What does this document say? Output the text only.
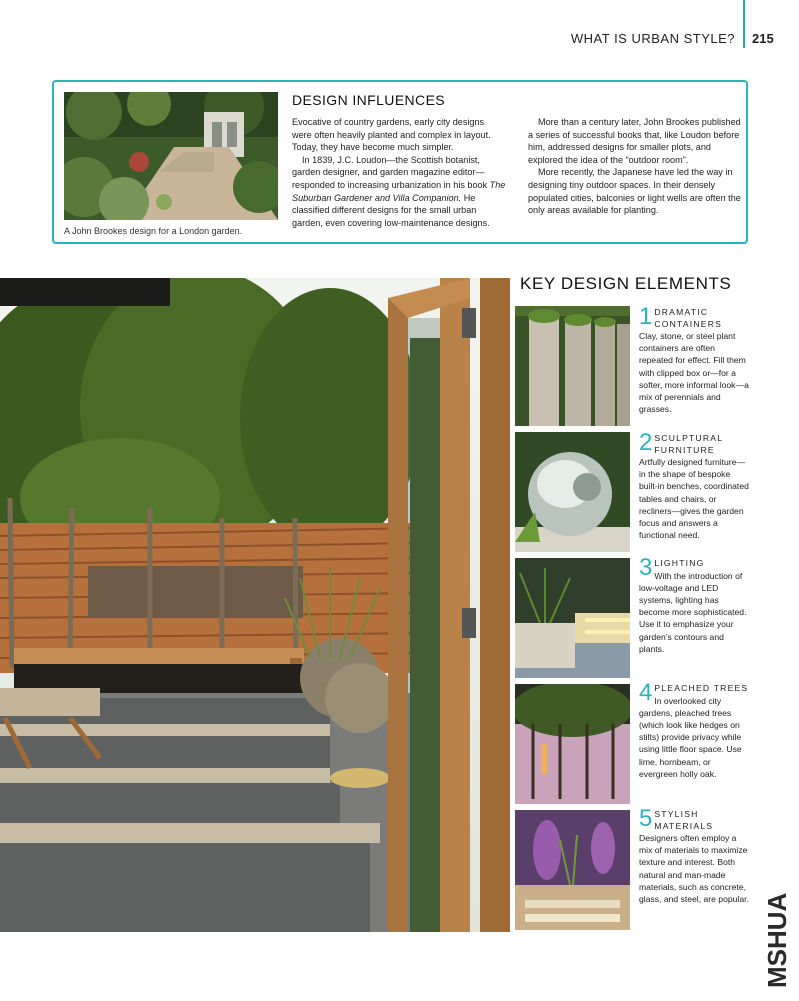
WHAT IS URBAN STYLE? 215
A John Brookes design for a London garden.
DESIGN INFLUENCES

Evocative of country gardens, early city designs were often heavily planted and complex in layout. Today, they have become much simpler.

In 1839, J.C. Loudon—the Scottish botanist, garden designer, and garden magazine editor—responded to increasing urbanization in his book The Suburban Gardener and Villa Companion. He classified different designs for the small urban garden, even covering low-maintenance designs.

More than a century later, John Brookes published a series of successful books that, like Loudon before him, addressed designs for smaller plots, and explored the idea of the “outdoor room”.

More recently, the Japanese have led the way in designing tiny outdoor spaces. In their densely populated cities, balconies or light wells are often the only areas available for planting.

KEY DESIGN ELEMENTS
1 DRAMATIC CONTAINERS
Clay, stone, or steel plant containers are often repeated for effect. Fill them with clipped box or—for a softer, more informal look—a mix of perennials and grasses.
2 SCULPTURAL FURNITURE
Artfully designed furniture—in the shape of bespoke built-in benches, coordinated tables and chairs, or recliners—gives the garden focus and answers a functional need.
3 LIGHTING
With the introduction of low-voltage and LED systems, lighting has become more sophisticated. Use it to emphasize your garden’s contours and plants.
4 PLEACHED TREES
In overlooked city gardens, pleached trees (which look like hedges on stilts) provide privacy while using little floor space. Use lime, hornbeam, or evergreen holly oak.
5 STYLISH MATERIALS
Designers often employ a mix of materials to maximize texture and interest. Both natural and man-made materials, such as concrete, glass, and steel, are popular. MSHUA
